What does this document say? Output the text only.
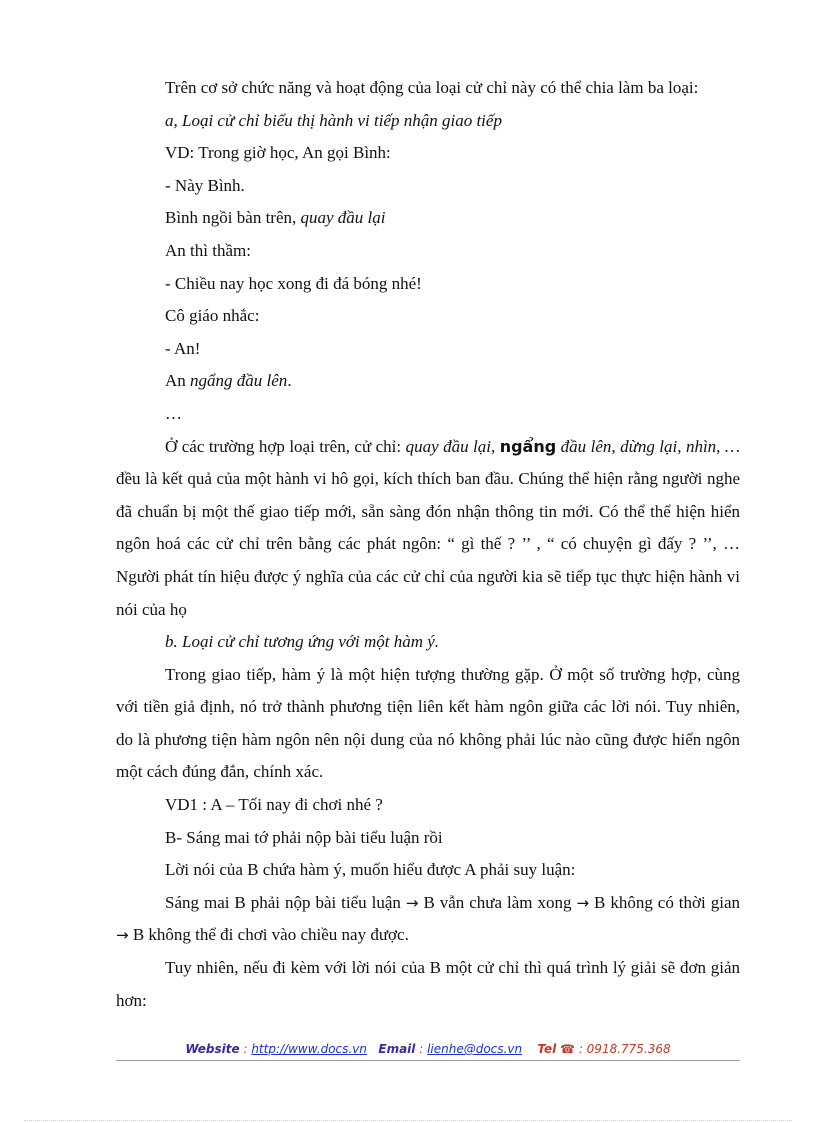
Trên cơ sở chức năng và hoạt động của loại cử chỉ này có thể chia làm ba loại:

a, Loại cử chỉ biểu thị hành vi tiếp nhận giao tiếp

VD: Trong giờ học, An gọi Bình:

- Này Bình.

Bình ngồi bàn trên, quay đầu lại

An thì thầm:

- Chiều nay học xong đi đá bóng nhé!

Cô giáo nhắc:

- An!

An ngẩng đầu lên.

…

Ở các trường hợp loại trên, cử chỉ: quay đầu lại, ngẩng đầu lên, dừng lại, nhìn, … đều là kết quả của một hành vi hô gọi, kích thích ban đầu. Chúng thể hiện rằng người nghe đã chuẩn bị một thế giao tiếp mới, sẵn sàng đón nhận thông tin mới. Có thể thể hiện hiển ngôn hoá các cử chỉ trên bằng các phát ngôn: “ gì thế ? ’’ , “ có chuyện gì đấy ? ’’, … Người phát tín hiệu được ý nghĩa của các cử chỉ của người kia sẽ tiếp tục thực hiện hành vi nói của họ

b. Loại cử chỉ tương ứng với một hàm ý.

Trong giao tiếp, hàm ý là một hiện tượng thường gặp. Ở một số trường hợp, cùng với tiền giả định, nó trở thành phương tiện liên kết hàm ngôn giữa các lời nói. Tuy nhiên, do là phương tiện hàm ngôn nên nội dung của nó không phải lúc nào cũng được hiển ngôn một cách đúng đắn, chính xác.

VD1 : A – Tối nay đi chơi nhé ?

B- Sáng mai tớ phải nộp bài tiểu luận rồi

Lời nói của B chứa hàm ý, muốn hiểu được A phải suy luận:

Sáng mai B phải nộp bài tiểu luận → B vẫn chưa làm xong → B không có thời gian → B không thể đi chơi vào chiều nay được.

Tuy nhiên, nếu đi kèm với lời nói của B một cử chỉ thì quá trình lý giải sẽ đơn giản hơn:

Website : http://www.docs.vn Email : lienhe@docs.vn Tel ☎ : 0918.775.368
